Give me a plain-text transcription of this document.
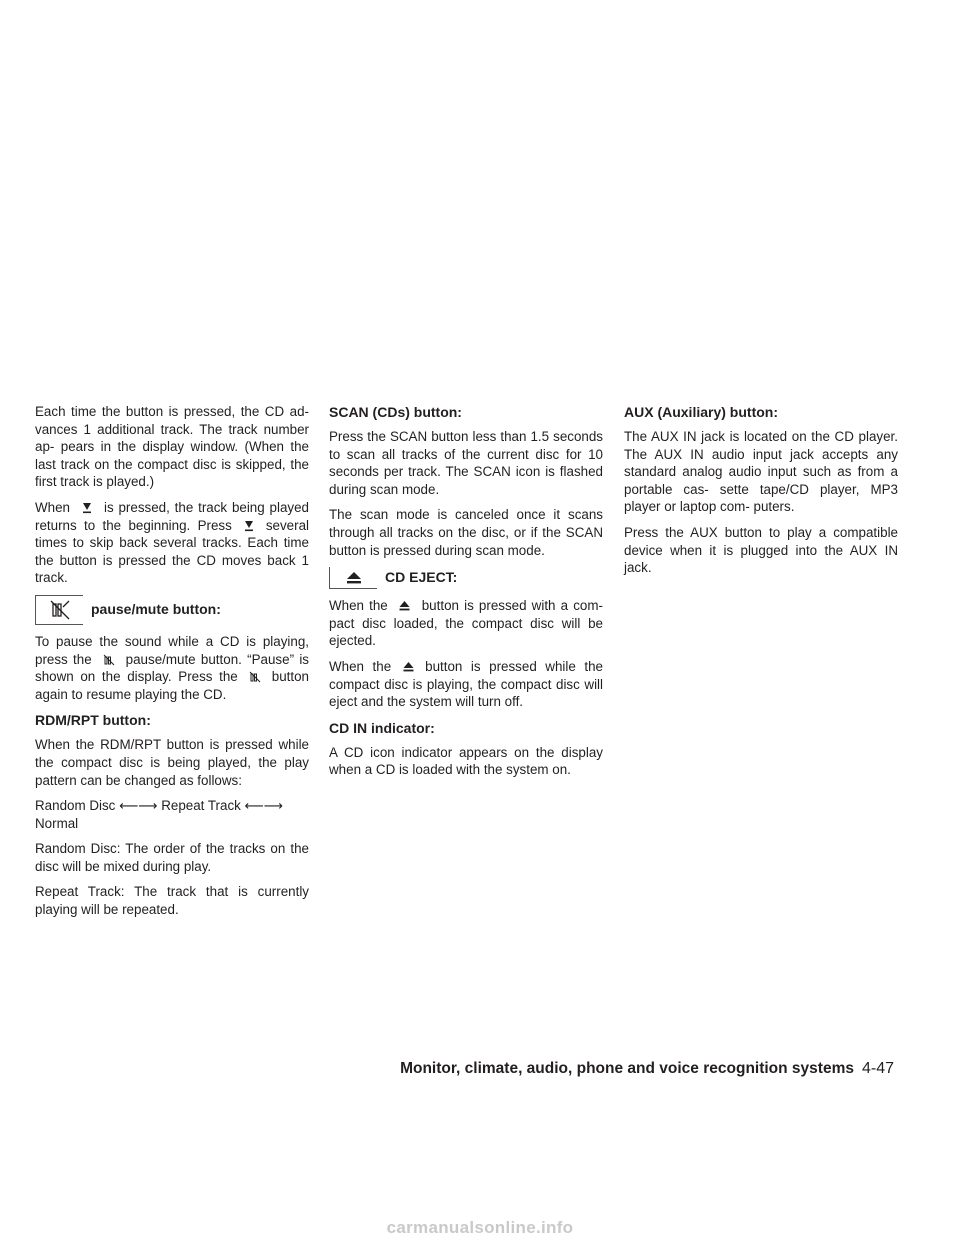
Each time the button is pressed, the CD ad- vances 1 additional track. The track number ap- pears in the display window. (When the last track on the compact disc is skipped, the first track is played.)

When	is pressed, the track being played returns to the beginning. Press	several times to skip back several tracks. Each time the button is pressed the CD moves back 1 track.

pause/mute button:

To pause the sound while a CD is playing, press the	pause/mute button. “Pause” is shown on the display. Press the	button again to resume playing the CD.

RDM/RPT button:

When the RDM/RPT button is pressed while the compact disc is being played, the play pattern can be changed as follows:

Random Disc ⟵⟶ Repeat Track ⟵⟶ Normal

Random Disc: The order of the tracks on the disc will be mixed during play.

Repeat Track: The track that is currently playing will be repeated.

SCAN (CDs) button:

Press the SCAN button less than 1.5 seconds to scan all tracks of the current disc for 10 seconds per track. The SCAN icon is flashed during scan mode.

The scan mode is canceled once it scans through all tracks on the disc, or if the SCAN button is pressed during scan mode.

CD EJECT:

When the	button is pressed with a com- pact disc loaded, the compact disc will be ejected.

When the	button is pressed while the compact disc is playing, the compact disc will eject and the system will turn off.

CD IN indicator:

A CD icon indicator appears on the display when a CD is loaded with the system on.

AUX (Auxiliary) button:

The AUX IN jack is located on the CD player. The AUX IN audio input jack accepts any standard analog audio input such as from a portable cas- sette tape/CD player, MP3 player or laptop com- puters.

Press the AUX button to play a compatible device when it is plugged into the AUX IN jack.

Monitor, climate, audio, phone and voice recognition systems 4-47
carmanualsonline.info
